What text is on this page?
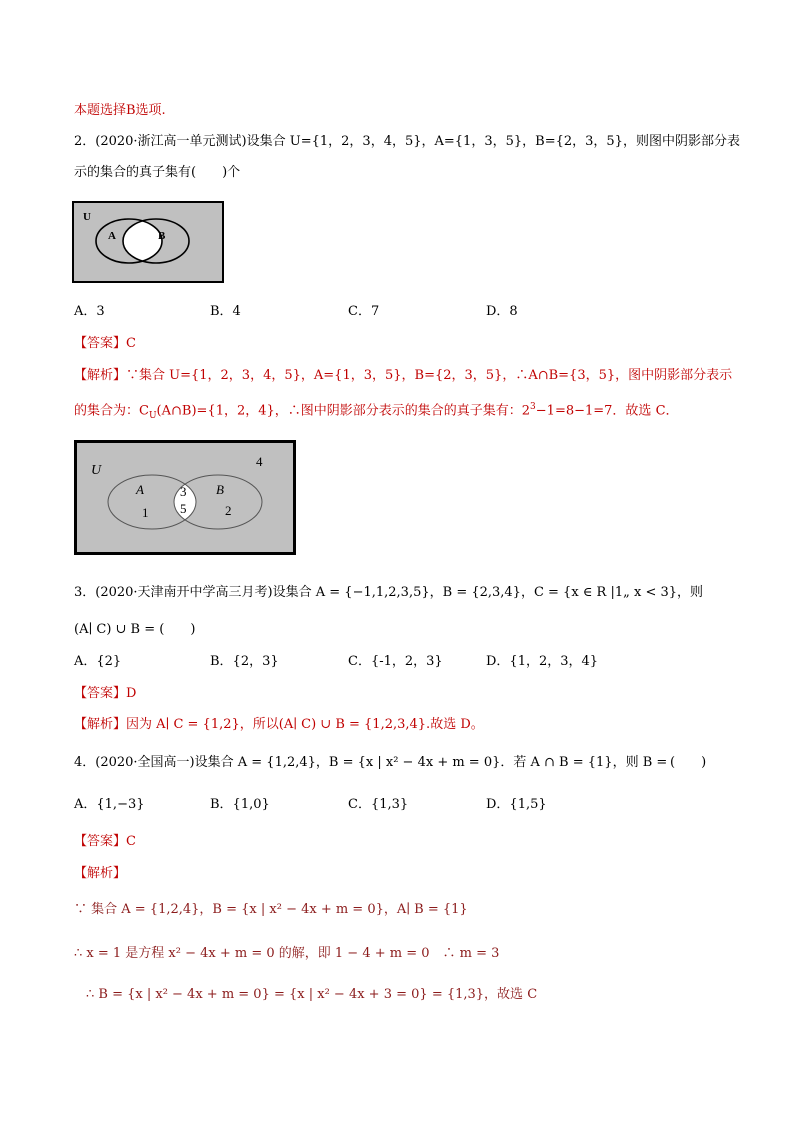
本题选择B选项.
2．(2020·浙江高一单元测试)设集合 U={1，2，3，4，5}，A={1，3，5}，B={2，3，5}，则图中阴影部分表
示的集合的真子集有(　　)个
U
A	B
A．3	B．4	C．7	D．8
【答案】C
【解析】∵集合 U={1，2，3，4，5}，A={1，3，5}，B={2，3，5}，∴A∩B={3，5}，图中阴影部分表示
的集合为：$C_U(A\cap B)=\{1$，2，4}，∴图中阴影部分表示的集合的真子集有：$2^3-1=8-1=7$．故选 C．
U
A	B
4
1	2
3
5
3．(2020·天津南开中学高三月考)设集合 A = {−1,1,2,3,5}，B = {2,3,4}，C = {x ∈ R |1„ x < 3}，则
(A∣ C) ∪ B = (　　)
A．{2}	B．{2，3}	C．{-1，2，3}	D．{1，2，3，4}
【答案】D
【解析】因为 A∣ C = {1,2}，所以(A∣ C) ∪ B = {1,2,3,4}.故选 D。
4．(2020·全国高一)设集合 A = {1,2,4}，B = {x | x² − 4x + m = 0}．若 A ∩ B = {1}，则 B = (　　)
A．{1,−3}	B．{1,0}	C．{1,3}	D．{1,5}
【答案】C
【解析】
∵ 集合 A = {1,2,4}，B = {x | x² − 4x + m = 0}，A∣ B = {1}
∴ x = 1 是方程 x² − 4x + m = 0 的解，即 1 − 4 + m = 0　∴ m = 3
∴ B = {x | x² − 4x + m = 0} = {x | x² − 4x + 3 = 0} = {1,3}，故选 C
